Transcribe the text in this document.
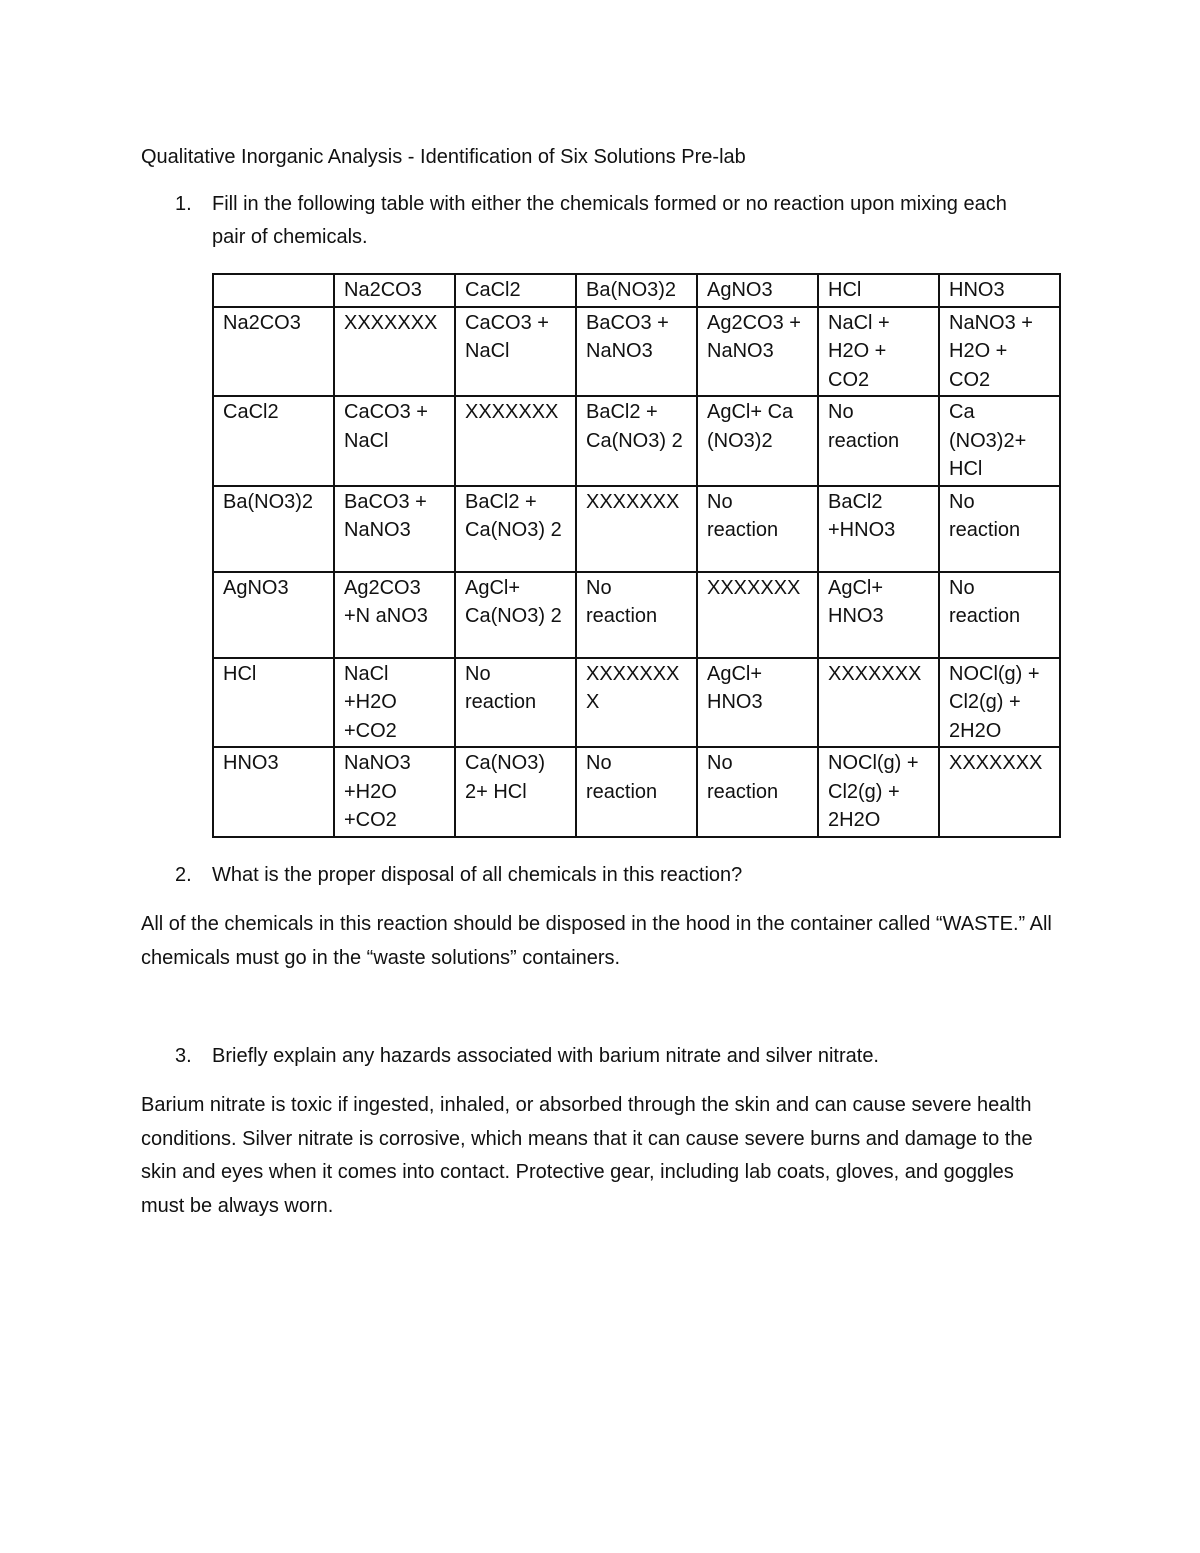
Qualitative Inorganic Analysis - Identification of Six Solutions Pre-lab
1.	Fill in the following table with either the chemicals formed or no reaction upon mixing each pair of chemicals.
	Na2CO3	CaCl2	Ba(NO3)2	AgNO3	HCl	HNO3
Na2CO3	XXXXXXX	CaCO3 + NaCl	BaCO3 + NaNO3	Ag2CO3 + NaNO3	NaCl + H2O + CO2	NaNO3 + H2O + CO2
CaCl2	CaCO3 + NaCl	XXXXXXX	BaCl2 + Ca(NO3) 2	AgCl+ Ca (NO3)2	No reaction	Ca (NO3)2+ HCl
Ba(NO3)2	BaCO3 + NaNO3	BaCl2 + Ca(NO3) 2	XXXXXXX	No reaction	BaCl2 +HNO3	No reaction
AgNO3	Ag2CO3 +N aNO3	AgCl+ Ca(NO3) 2	No reaction	XXXXXXX	AgCl+ HNO3	No reaction
HCl	NaCl +H2O +CO2	No reaction	XXXXXXX X	AgCl+ HNO3	XXXXXXX	NOCl(g) + Cl2(g) + 2H2O
HNO3	NaNO3 +H2O +CO2	Ca(NO3) 2+ HCl	No reaction	No reaction	NOCl(g) + Cl2(g) + 2H2O	XXXXXXX
2.	What is the proper disposal of all chemicals in this reaction?

All of the chemicals in this reaction should be disposed in the hood in the container called “WASTE.” All chemicals must go in the “waste solutions” containers.

3.	Briefly explain any hazards associated with barium nitrate and silver nitrate.

Barium nitrate is toxic if ingested, inhaled, or absorbed through the skin and can cause severe health conditions. Silver nitrate is corrosive, which means that it can cause severe burns and damage to the skin and eyes when it comes into contact. Protective gear, including lab coats, gloves, and goggles must be always worn.
